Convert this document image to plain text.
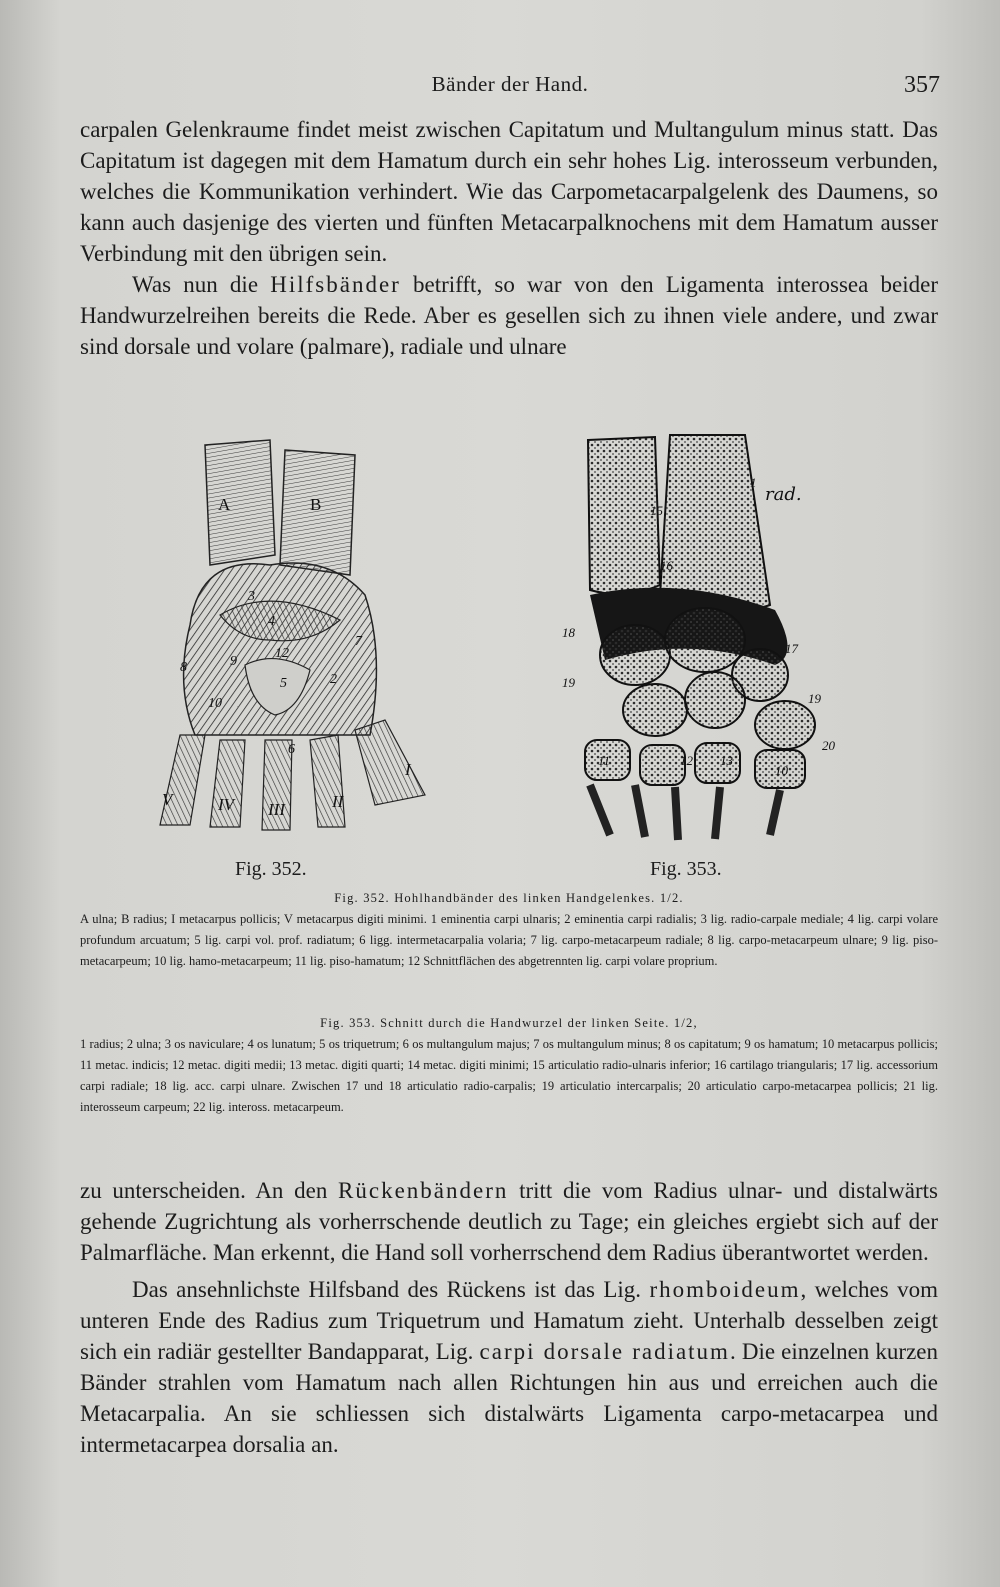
Bänder der Hand.	357

carpalen Gelenkraume findet meist zwischen Capitatum und Multangulum minus statt. Das Capitatum ist dagegen mit dem Hamatum durch ein sehr hohes Lig. interosseum verbunden, welches die Kommunikation verhindert. Wie das Carpometacarpalgelenk des Daumens, so kann auch dasjenige des vierten und fünften Metacarpalknochens mit dem Hamatum ausser Verbindung mit den übrigen sein.

Was nun die Hilfsbänder betrifft, so war von den Ligamenta interossea beider Handwurzelreihen bereits die Rede. Aber es gesellen sich zu ihnen viele andere, und zwar sind dorsale und volare (palmare), radiale und ulnare

A	B
V	IV III	II
I
3
4
12
7
8	9
5	2
10
6
1
15
16
18
17
19
19
20
11	12 13
10
rad.
Fig. 352.	Fig. 353.
Fig. 352. Hohlhandbänder des linken Handgelenkes. 1/2.
A ulna; B radius; I metacarpus pollicis; V metacarpus digiti minimi. 1 eminentia carpi ulnaris; 2 eminentia carpi radialis; 3 lig. radio-carpale mediale; 4 lig. carpi volare profundum arcuatum; 5 lig. carpi vol. prof. radiatum; 6 ligg. intermetacarpalia volaria; 7 lig. carpo-metacarpeum radiale; 8 lig. carpo-metacarpeum ulnare; 9 lig. piso-metacarpeum; 10 lig. hamo-metacarpeum; 11 lig. piso-hamatum; 12 Schnittflächen des abgetrennten lig. carpi volare proprium.
Fig. 353. Schnitt durch die Handwurzel der linken Seite. 1/2,
1 radius; 2 ulna; 3 os naviculare; 4 os lunatum; 5 os triquetrum; 6 os multangulum majus; 7 os multangulum minus; 8 os capitatum; 9 os hamatum; 10 metacarpus pollicis; 11 metac. indicis; 12 metac. digiti medii; 13 metac. digiti quarti; 14 metac. digiti minimi; 15 articulatio radio-ulnaris inferior; 16 cartilago triangularis; 17 lig. accessorium carpi radiale; 18 lig. acc. carpi ulnare. Zwischen 17 und 18 articulatio radio-carpalis; 19 articulatio intercarpalis; 20 articulatio carpo-metacarpea pollicis; 21 lig. interosseum carpeum; 22 lig. inteross. metacarpeum.

zu unterscheiden. An den Rückenbändern tritt die vom Radius ulnar- und distalwärts gehende Zugrichtung als vorherrschende deutlich zu Tage; ein gleiches ergiebt sich auf der Palmarfläche. Man erkennt, die Hand soll vorherrschend dem Radius überantwortet werden.

Das ansehnlichste Hilfsband des Rückens ist das Lig. rhomboideum, welches vom unteren Ende des Radius zum Triquetrum und Hamatum zieht. Unterhalb desselben zeigt sich ein radiär gestellter Bandapparat, Lig. carpi dorsale radiatum. Die einzelnen kurzen Bänder strahlen vom Hamatum nach allen Richtungen hin aus und erreichen auch die Metacarpalia. An sie schliessen sich distalwärts Ligamenta carpo-metacarpea und intermetacarpea dorsalia an.
